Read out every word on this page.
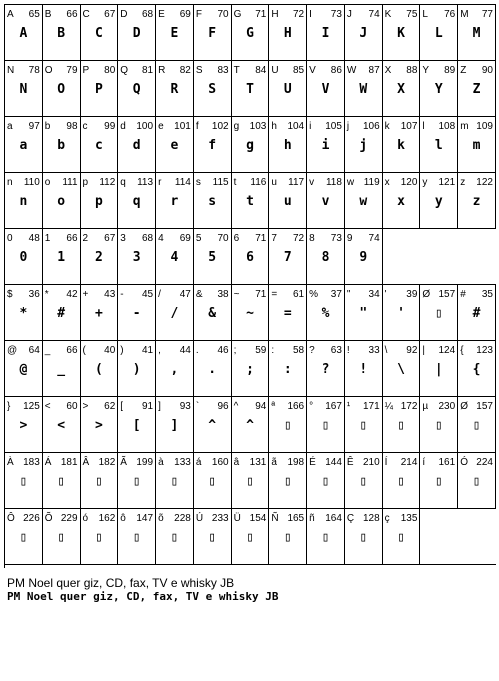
A 65
A
B 66
B
C 67
C
D 68
D
E 69
E
F 70
F
G 71
G
H 72
H
I 73
I
J 74
J
K 75
K
L 76
L
M 77
M
N 78
N
O 79
O
P 80
P
Q 81
Q
R 82
R
S 83
S
T 84
T
U 85
U
V 86
V
W 87
W
X 88
X
Y 89
Y
Z 90
Z
a 97
a
b 98
b
c 99
c
d 100
d
e 101
e
f 102
f
g 103
g
h 104
h
i 105
i
j 106
j
k 107
k
l 108
l
m 109
m
n 110
n
o 111
o
p 112
p
q 113
q
r 114
r
s 115
s
t 116
t
u 117
u
v 118
v
w 119
w
x 120
x
y 121
y
z 122
z
0 48
0
1 66
1
2 67
2
3 68
3
4 69
4
5 70
5
6 71
6
7 72
7
8 73
8
9 74
9
$ 36
*
* 42
#
+ 43
+
- 45
-
/ 47
/
& 38
&
~ 71
~
= 61
=
% 37
%
" 34
"
' 39
'
Ø 157
▯
# 35
#
@ 64
@
_ 66
_
( 40
(
) 41
)
, 44
,
. 46
.
; 59
;
: 58
:
? 63
?
! 33
!
\ 92
\
| 124
|
{ 123
{
} 125
>
< 60
<
> 62
>
[ 91
[
] 93
]
` 96
^
^ 94
^
ª 166
▯
° 167
▯
¹ 171
▯
¼ 172
▯
µ 230
▯
Ø 157
▯
À 183
▯
Á 181
▯
Â 182
▯
Ã 199
▯
à 133
▯
á 160
▯
â 131
▯
ã 198
▯
É 144
▯
Ê 210
▯
Í 214
▯
í 161
▯
Ó 224
▯
Ô 226
▯
Õ 229
▯
ó 162
▯
ô 147
▯
õ 228
▯
Ú 233
▯
Ü 154
▯
Ñ 165
▯
ñ 164
▯
Ç 128
▯
ç 135
▯
PM Noel quer giz, CD, fax, TV e whisky JB
PM Noel quer giz, CD, fax, TV e whisky JB
